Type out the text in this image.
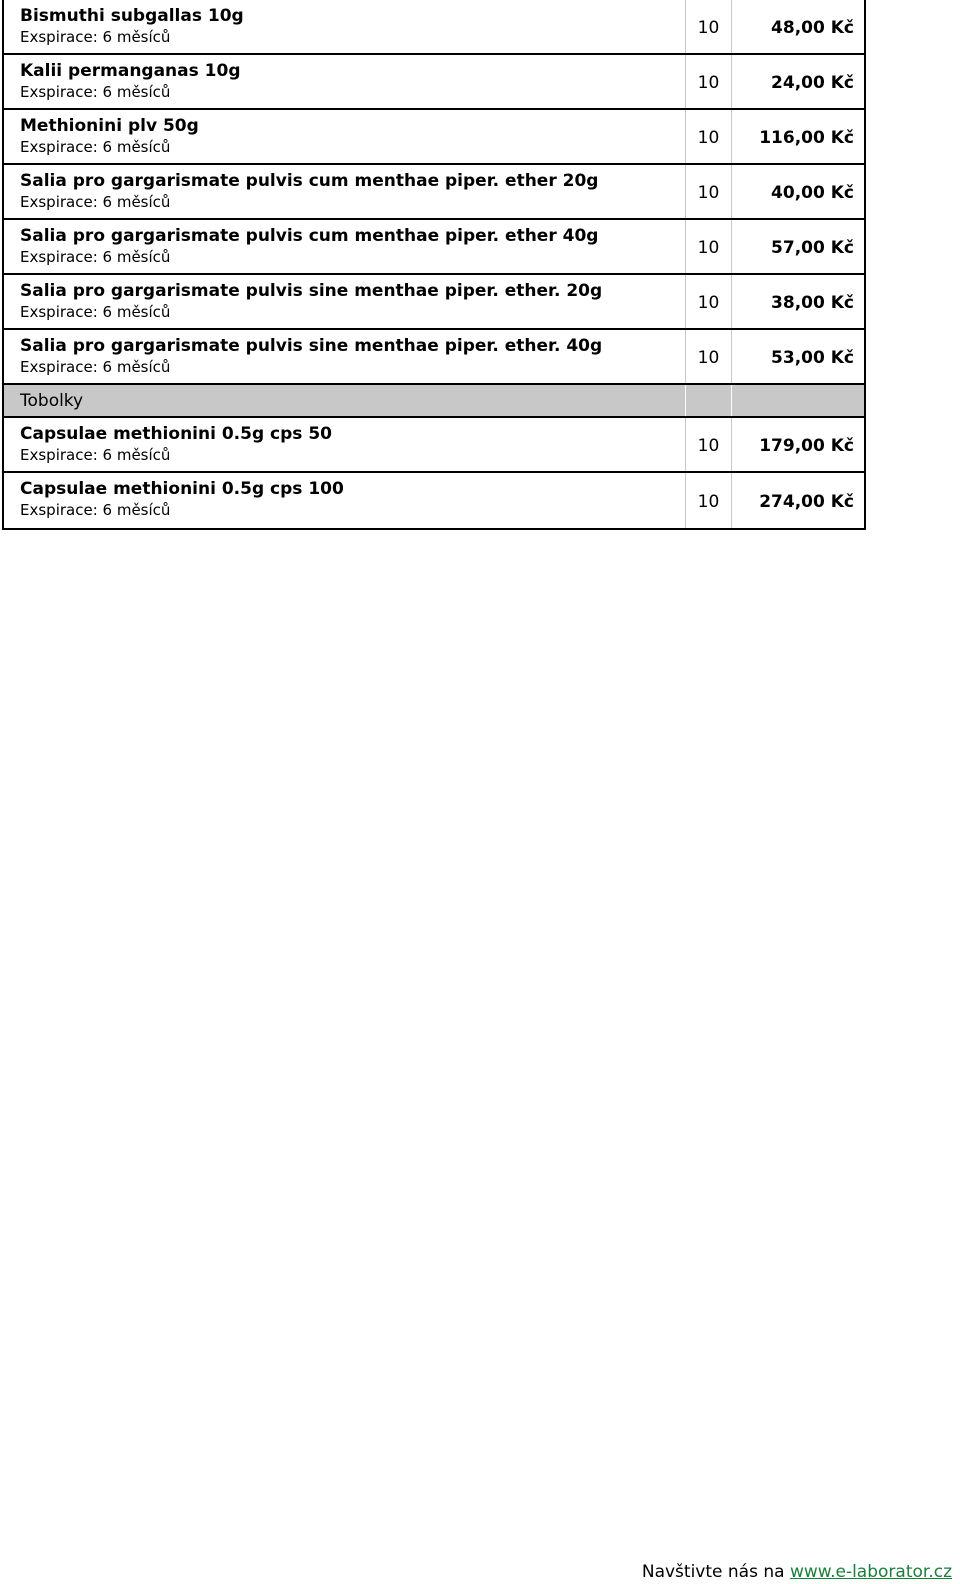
Bismuthi subgallas 10g
Exspirace: 6 měsíců	10	48,00 Kč
Kalii permanganas 10g
Exspirace: 6 měsíců	10	24,00 Kč
Methionini plv 50g
Exspirace: 6 měsíců	10	116,00 Kč
Salia pro gargarismate pulvis cum menthae piper. ether 20g
Exspirace: 6 měsíců	10	40,00 Kč
Salia pro gargarismate pulvis cum menthae piper. ether 40g
Exspirace: 6 měsíců	10	57,00 Kč
Salia pro gargarismate pulvis sine menthae piper. ether. 20g
Exspirace: 6 měsíců	10	38,00 Kč
Salia pro gargarismate pulvis sine menthae piper. ether. 40g
Exspirace: 6 měsíců	10	53,00 Kč
Tobolky
Capsulae methionini 0.5g cps 50
Exspirace: 6 měsíců	10	179,00 Kč
Capsulae methionini 0.5g cps 100
Exspirace: 6 měsíců	10	274,00 Kč
Navštivte nás na www.e-laborator.cz
